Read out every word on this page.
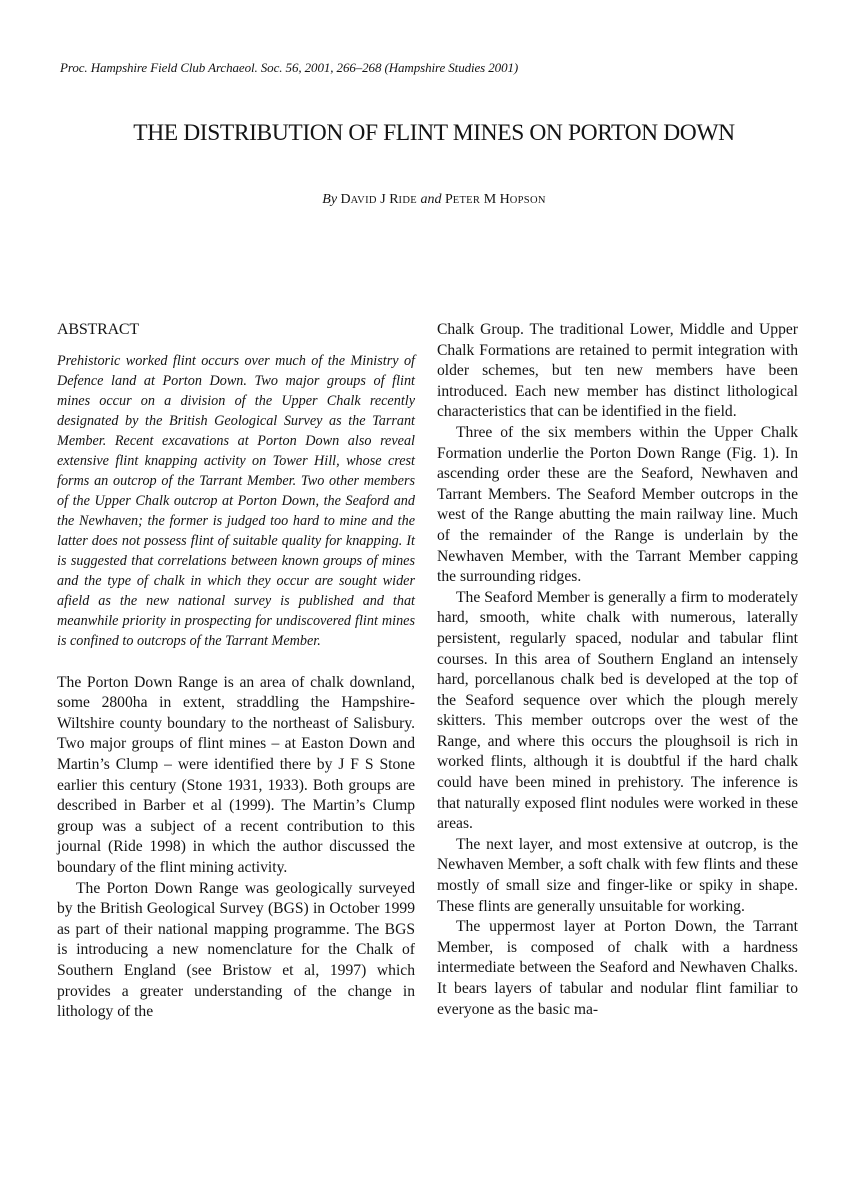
Proc. Hampshire Field Club Archaeol. Soc. 56, 2001, 266–268 (Hampshire Studies 2001)
THE DISTRIBUTION OF FLINT MINES ON PORTON DOWN
By DAVID J RIDE and PETER M HOPSON
ABSTRACT

Prehistoric worked flint occurs over much of the Ministry of Defence land at Porton Down. Two major groups of flint mines occur on a division of the Upper Chalk recently designated by the British Geological Survey as the Tarrant Member. Recent excavations at Porton Down also reveal extensive flint knapping activity on Tower Hill, whose crest forms an outcrop of the Tarrant Member. Two other members of the Upper Chalk outcrop at Porton Down, the Seaford and the Newhaven; the former is judged too hard to mine and the latter does not possess flint of suitable quality for knapping. It is suggested that correlations between known groups of mines and the type of chalk in which they occur are sought wider afield as the new national survey is published and that meanwhile priority in prospecting for undiscovered flint mines is confined to outcrops of the Tarrant Member.

The Porton Down Range is an area of chalk downland, some 2800ha in extent, straddling the Hampshire-Wiltshire county boundary to the northeast of Salisbury. Two major groups of flint mines – at Easton Down and Martin’s Clump – were identified there by J F S Stone earlier this century (Stone 1931, 1933). Both groups are described in Barber et al (1999). The Martin’s Clump group was a subject of a recent contribution to this journal (Ride 1998) in which the author discussed the boundary of the flint mining activity.

The Porton Down Range was geologically surveyed by the British Geological Survey (BGS) in October 1999 as part of their national mapping programme. The BGS is introducing a new nomenclature for the Chalk of Southern England (see Bristow et al, 1997) which provides a greater understanding of the change in lithology of the

Chalk Group. The traditional Lower, Middle and Upper Chalk Formations are retained to permit integration with older schemes, but ten new members have been introduced. Each new member has distinct lithological characteristics that can be identified in the field.

Three of the six members within the Upper Chalk Formation underlie the Porton Down Range (Fig. 1). In ascending order these are the Seaford, Newhaven and Tarrant Members. The Seaford Member outcrops in the west of the Range abutting the main railway line. Much of the remainder of the Range is underlain by the Newhaven Member, with the Tarrant Member capping the surrounding ridges.

The Seaford Member is generally a firm to moderately hard, smooth, white chalk with numerous, laterally persistent, regularly spaced, nodular and tabular flint courses. In this area of Southern England an intensely hard, porcellanous chalk bed is developed at the top of the Seaford sequence over which the plough merely skitters. This member outcrops over the west of the Range, and where this occurs the ploughsoil is rich in worked flints, although it is doubtful if the hard chalk could have been mined in prehistory. The inference is that naturally exposed flint nodules were worked in these areas.

The next layer, and most extensive at outcrop, is the Newhaven Member, a soft chalk with few flints and these mostly of small size and finger-like or spiky in shape. These flints are generally unsuitable for working.

The uppermost layer at Porton Down, the Tarrant Member, is composed of chalk with a hardness intermediate between the Seaford and Newhaven Chalks. It bears layers of tabular and nodular flint familiar to everyone as the basic ma-
